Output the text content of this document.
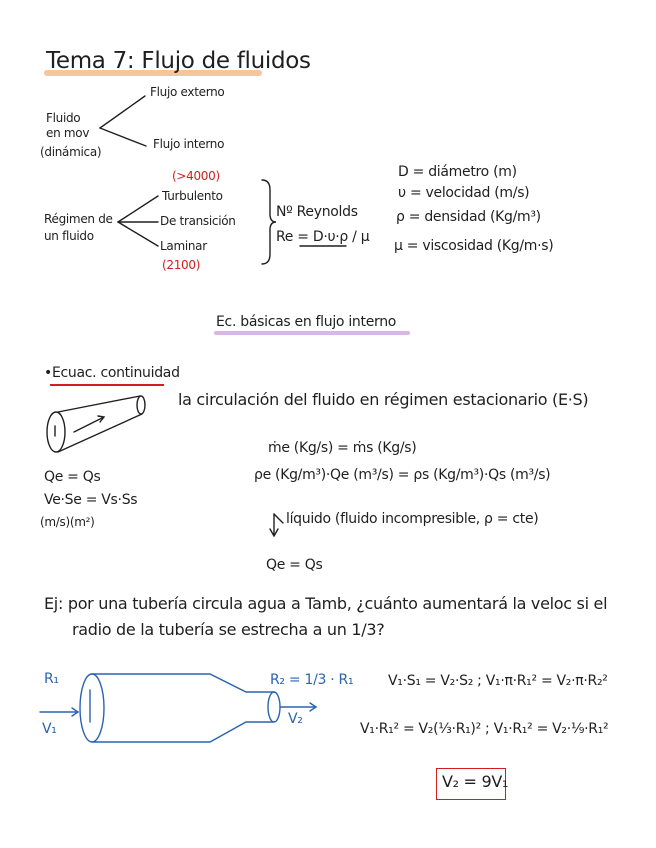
Tema 7: Flujo de fluidos
Fluido
en mov
(dinámica)
Flujo externo
Flujo interno
(>4000)
Turbulento
De transición
Laminar
(2100)
Régimen de
un fluido
Nº Reynolds
Re = D·υ·ρ / μ
D = diámetro (m)
υ = velocidad (m/s)
ρ = densidad (Kg/m³)
μ = viscosidad (Kg/m·s)
Ec. básicas en flujo interno
•Ecuac. continuidad
la circulación del fluido en régimen estacionario (E·S)
Qe = Qs
Ve·Se = Vs·Ss
(m/s)(m²)
ṁe (Kg/s) = ṁs (Kg/s)
ρe (Kg/m³)·Qe (m³/s) = ρs (Kg/m³)·Qs (m³/s)
líquido (fluido incompresible, ρ = cte)
Qe = Qs
Ej: por una tubería circula agua a Tamb, ¿cuánto aumentará la veloc si el
radio de la tubería se estrecha a un 1/3?
R₁
V₁
R₂ = 1/3 · R₁
V₂
V₁·S₁ = V₂·S₂ ; V₁·π·R₁² = V₂·π·R₂²
V₁·R₁² = V₂(⅓·R₁)² ; V₁·R₁² = V₂·⅑·R₁²
V₂ = 9V₁
